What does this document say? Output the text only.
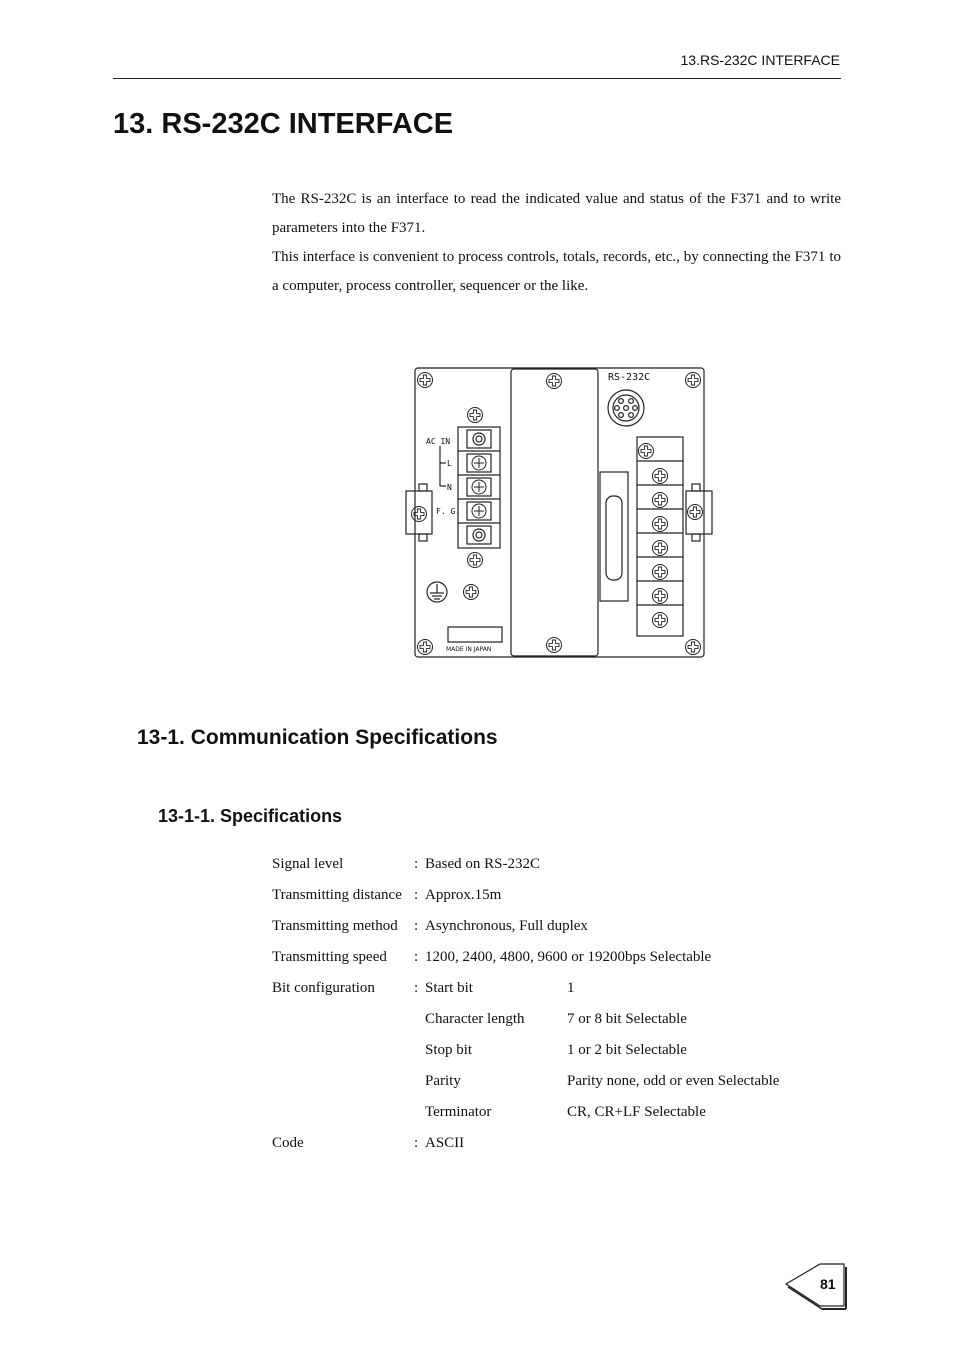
13.RS-232C INTERFACE
13. RS-232C INTERFACE

The RS-232C is an interface to read the indicated value and status of the F371 and to write parameters into the F371.

This interface is convenient to process controls, totals, records, etc., by connecting the F371 to a computer, process controller, sequencer or the like.

RS-232C
AC IN
L
N
F. G.
MADE IN JAPAN
13-1. Communication Specifications
13-1-1. Specifications
Signal level	: Based on RS-232C
Transmitting distance : Approx.15m
Transmitting method : Asynchronous, Full duplex
Transmitting speed : 1200, 2400, 4800, 9600 or 19200bps Selectable
Bit configuration	: Start bit	1
Character length	7 or 8 bit Selectable
Stop bit	1 or 2 bit Selectable
Parity	Parity none, odd or even Selectable
Terminator	CR, CR+LF Selectable
Code	: ASCII
81
